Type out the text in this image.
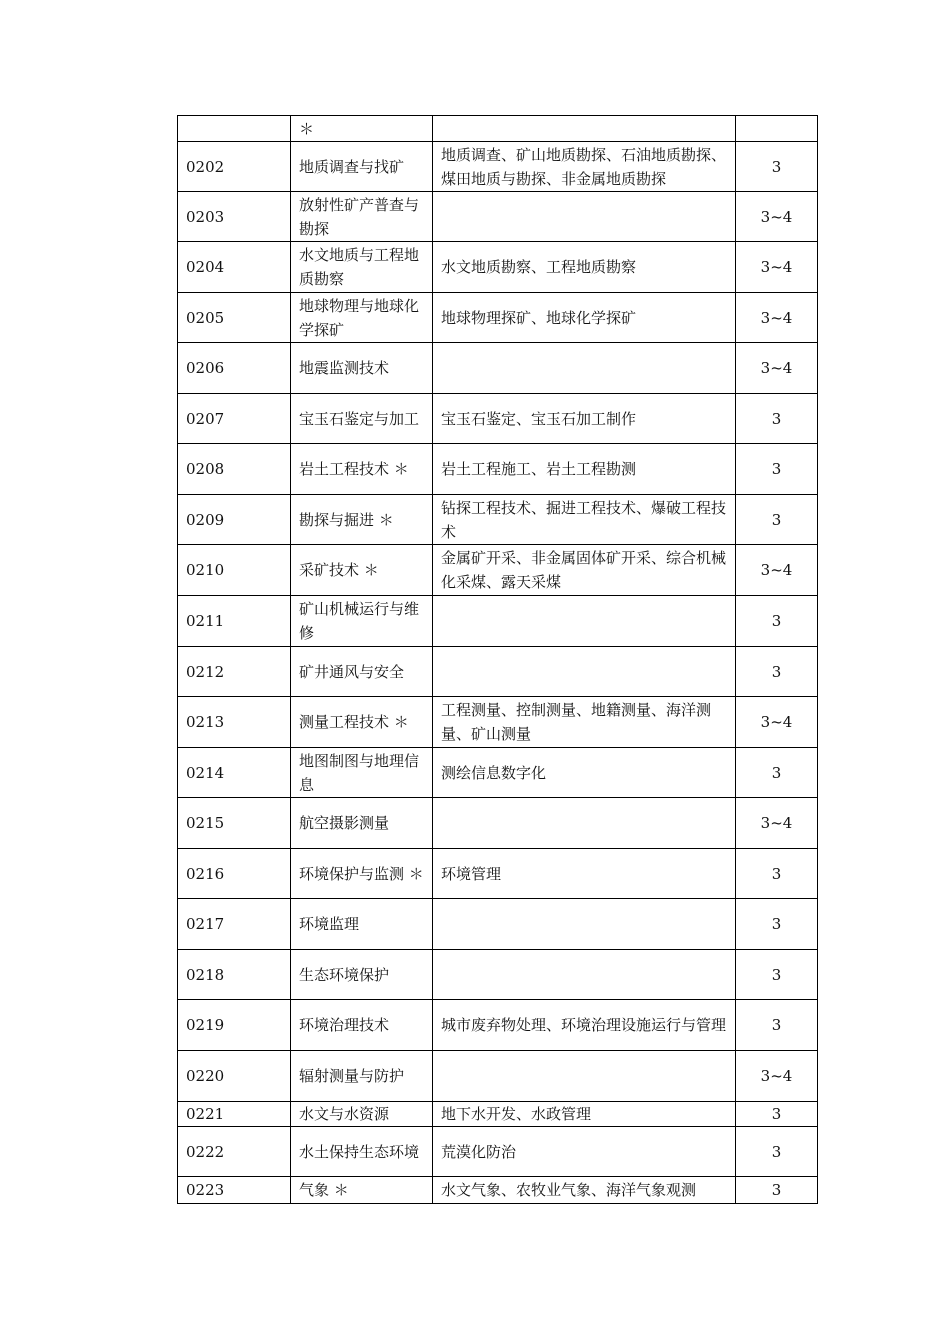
	＊		
0202	地质调查与找矿	地质调查、矿山地质勘探、石油地质勘探、煤田地质与勘探、非金属地质勘探	3
0203	放射性矿产普查与勘探		3~4
0204	水文地质与工程地质勘察	水文地质勘察、工程地质勘察	3~4
0205	地球物理与地球化学探矿	地球物理探矿、地球化学探矿	3~4
0206	地震监测技术		3~4
0207	宝玉石鉴定与加工	宝玉石鉴定、宝玉石加工制作	3
0208	岩土工程技术 ＊	岩土工程施工、岩土工程勘测	3
0209	勘探与掘进 ＊	钻探工程技术、掘进工程技术、爆破工程技术	3
0210	采矿技术 ＊	金属矿开采、非金属固体矿开采、综合机械化采煤、露天采煤	3~4
0211	矿山机械运行与维修		3
0212	矿井通风与安全		3
0213	测量工程技术 ＊	工程测量、控制测量、地籍测量、海洋测量、矿山测量	3~4
0214	地图制图与地理信息	测绘信息数字化	3
0215	航空摄影测量		3~4
0216	环境保护与监测 ＊	环境管理	3
0217	环境监理		3
0218	生态环境保护		3
0219	环境治理技术	城市废弃物处理、环境治理设施运行与管理	3
0220	辐射测量与防护		3~4
0221	水文与水资源	地下水开发、水政管理	3
0222	水土保持生态环境	荒漠化防治	3
0223	气象 ＊	水文气象、农牧业气象、海洋气象观测	3
